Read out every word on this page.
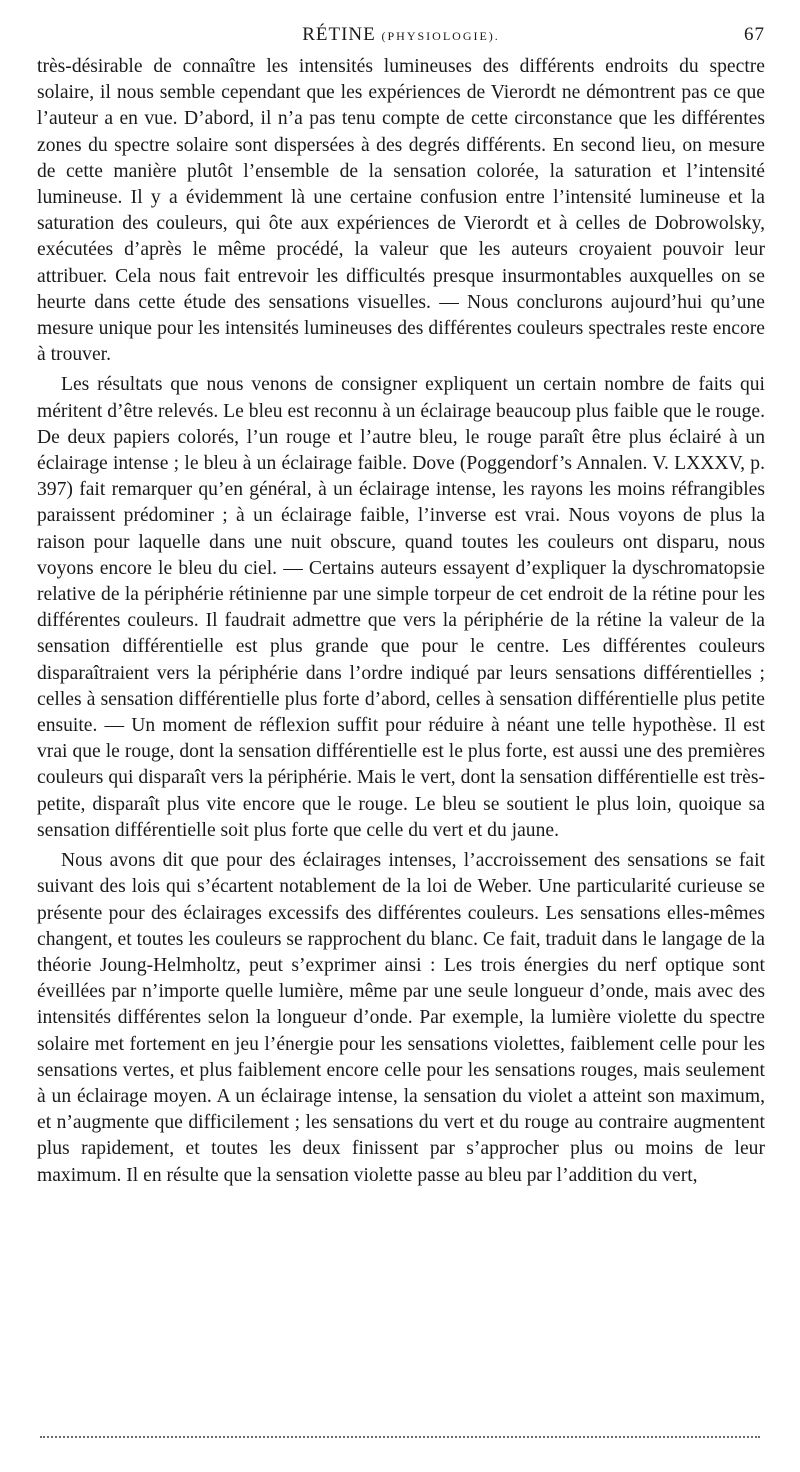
RÉTINE (PHYSIOLOGIE).	67

très-désirable de connaître les intensités lumineuses des différents endroits du spectre solaire, il nous semble cependant que les expériences de Vierordt ne démontrent pas ce que l’auteur a en vue. D’abord, il n’a pas tenu compte de cette circonstance que les différentes zones du spectre solaire sont dispersées à des degrés différents. En second lieu, on mesure de cette manière plutôt l’ensemble de la sensation colorée, la saturation et l’intensité lumineuse. Il y a évidemment là une certaine confusion entre l’intensité lumineuse et la saturation des couleurs, qui ôte aux expériences de Vierordt et à celles de Dobrowolsky, exécutées d’après le même procédé, la valeur que les auteurs croyaient pouvoir leur attribuer. Cela nous fait entrevoir les difficultés presque insurmontables auxquelles on se heurte dans cette étude des sensations visuelles. — Nous conclurons aujourd’hui qu’une mesure unique pour les intensités lumineuses des différentes couleurs spectrales reste encore à trouver.

Les résultats que nous venons de consigner expliquent un certain nombre de faits qui méritent d’être relevés. Le bleu est reconnu à un éclairage beaucoup plus faible que le rouge. De deux papiers colorés, l’un rouge et l’autre bleu, le rouge paraît être plus éclairé à un éclairage intense ; le bleu à un éclairage faible. Dove (Poggendorf’s Annalen. V. LXXXV, p. 397) fait remarquer qu’en général, à un éclairage intense, les rayons les moins réfrangibles paraissent prédominer ; à un éclairage faible, l’inverse est vrai. Nous voyons de plus la raison pour laquelle dans une nuit obscure, quand toutes les couleurs ont disparu, nous voyons encore le bleu du ciel. — Certains auteurs essayent d’expliquer la dyschromatopsie relative de la périphérie rétinienne par une simple torpeur de cet endroit de la rétine pour les différentes couleurs. Il faudrait admettre que vers la périphérie de la rétine la valeur de la sensation différentielle est plus grande que pour le centre. Les différentes couleurs disparaîtraient vers la périphérie dans l’ordre indiqué par leurs sensations différentielles ; celles à sensation différentielle plus forte d’abord, celles à sensation différentielle plus petite ensuite. — Un moment de réflexion suffit pour réduire à néant une telle hypothèse. Il est vrai que le rouge, dont la sensation différentielle est le plus forte, est aussi une des premières couleurs qui disparaît vers la périphérie. Mais le vert, dont la sensation différentielle est très-petite, disparaît plus vite encore que le rouge. Le bleu se soutient le plus loin, quoique sa sensation différentielle soit plus forte que celle du vert et du jaune.

Nous avons dit que pour des éclairages intenses, l’accroissement des sensations se fait suivant des lois qui s’écartent notablement de la loi de Weber. Une particularité curieuse se présente pour des éclairages excessifs des différentes couleurs. Les sensations elles-mêmes changent, et toutes les couleurs se rapprochent du blanc. Ce fait, traduit dans le langage de la théorie Joung-Helmholtz, peut s’exprimer ainsi : Les trois énergies du nerf optique sont éveillées par n’importe quelle lumière, même par une seule longueur d’onde, mais avec des intensités différentes selon la longueur d’onde. Par exemple, la lumière violette du spectre solaire met fortement en jeu l’énergie pour les sensations violettes, faiblement celle pour les sensations vertes, et plus faiblement encore celle pour les sensations rouges, mais seulement à un éclairage moyen. A un éclairage intense, la sensation du violet a atteint son maximum, et n’augmente que difficilement ; les sensations du vert et du rouge au contraire augmentent plus rapidement, et toutes les deux finissent par s’approcher plus ou moins de leur maximum. Il en résulte que la sensation violette passe au bleu par l’addition du vert,
